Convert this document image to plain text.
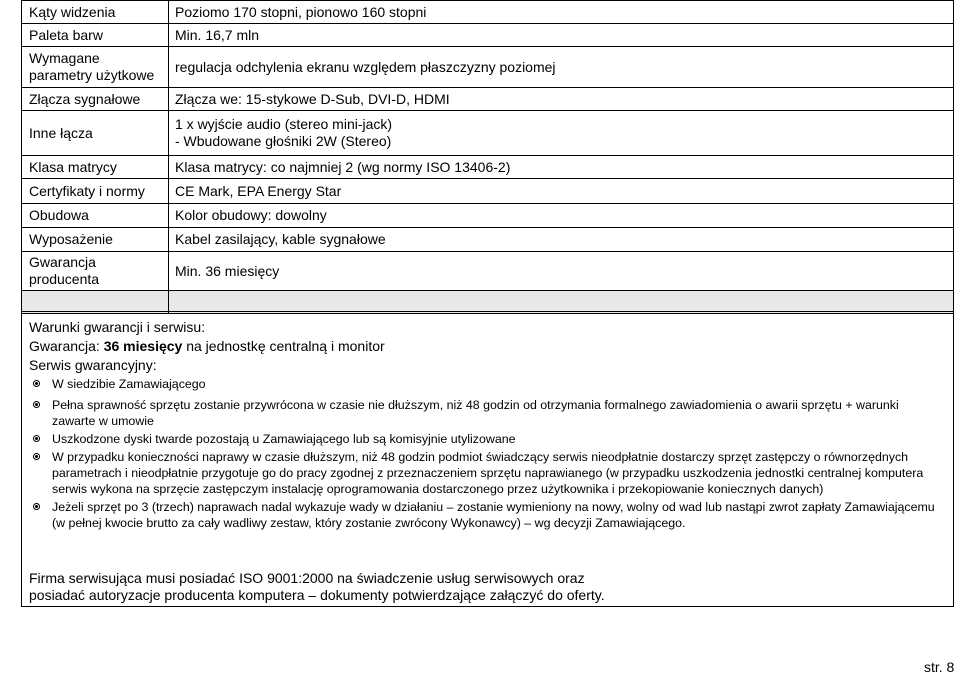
Kąty widzenia	Poziomo 170 stopni, pionowo 160 stopni
Paleta barw	Min. 16,7 mln
Wymagane parametry użytkowe	regulacja odchylenia ekranu względem płaszczyzny poziomej
Złącza sygnałowe	Złącza we: 15-stykowe D-Sub, DVI-D, HDMI
Inne łącza	1 x wyjście audio (stereo mini-jack)
- Wbudowane głośniki 2W (Stereo)

Klasa matrycy	Klasa matrycy: co najmniej 2 (wg normy ISO 13406-2)
Certyfikaty i normy	CE Mark, EPA Energy Star
Obudowa	Kolor obudowy: dowolny
Wyposażenie	Kabel zasilający, kable sygnałowe
Gwarancja producenta	Min. 36 miesięcy

Warunki gwarancji i serwisu:
Gwarancja: 36 miesięcy na jednostkę centralną i monitor
Serwis gwarancyjny:
W siedzibie Zamawiającego
Pełna sprawność sprzętu zostanie przywrócona w czasie nie dłuższym, niż 48 godzin od otrzymania formalnego zawiadomienia o awarii sprzętu + warunki zawarte w umowie
Uszkodzone dyski twarde pozostają u Zamawiającego lub są komisyjnie utylizowane
W przypadku konieczności naprawy w czasie dłuższym, niż 48 godzin podmiot świadczący serwis nieodpłatnie dostarczy sprzęt zastępczy o równorzędnych parametrach i nieodpłatnie przygotuje go do pracy zgodnej z przeznaczeniem sprzętu naprawianego (w przypadku uszkodzenia jednostki centralnej komputera serwis wykona na sprzęcie zastępczym instalację oprogramowania dostarczonego przez użytkownika i przekopiowanie koniecznych danych)
Jeżeli sprzęt po 3 (trzech) naprawach nadal wykazuje wady w działaniu – zostanie wymieniony na nowy, wolny od wad lub nastąpi zwrot zapłaty Zamawiającemu (w pełnej kwocie brutto za cały wadliwy zestaw, który zostanie zwrócony Wykonawcy) – wg decyzji Zamawiającego.
Firma serwisująca musi posiadać ISO 9001:2000 na świadczenie usług serwisowych oraz
posiadać autoryzacje producenta komputera – dokumenty potwierdzające załączyć do oferty.
str. 8
